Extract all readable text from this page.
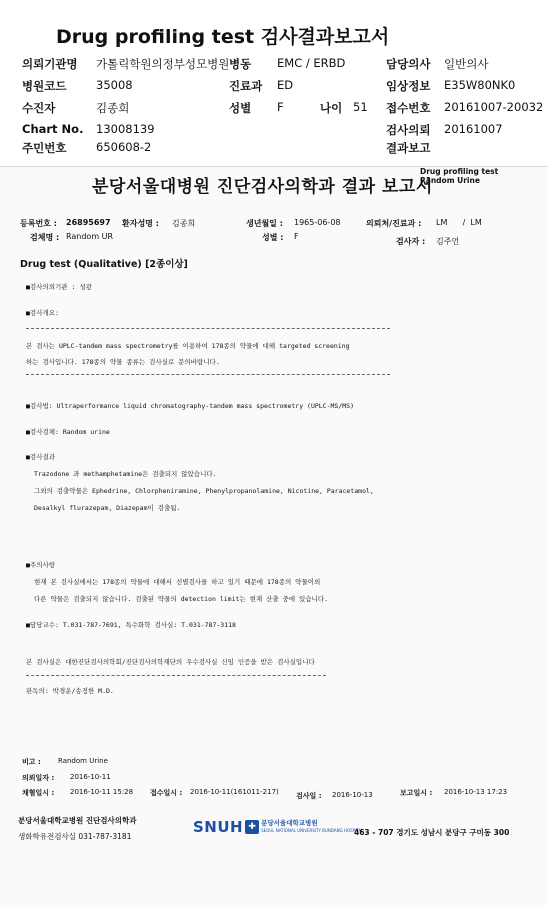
Drug profiling test 검사결과보고서
의뢰기관명 가톨릭학원의정부성모병원 병동 EMC / ERBD	담당의사 일반의사
병원코드	35008	진료과 ED	임상정보 E35W80NK0
수진자	김종희	성별 F	나이 51 접수번호 20161007-20032
Chart No. 13008139	검사의뢰 20161007
주민번호	650608-2	결과보고
분당서울대병원 진단검사의학과 결과 보고서
Drug profiling test
Random Urine
등록번호 : 26895697 환자성명 : 김종희	생년월일 : 1965-06-08	의뢰처/진료과 : LM      /  LM
검체명 : Random UR	성별 : F
검사자 : 김주언
Drug test (Qualitative) [2종이상]
■검사의뢰기관 : 성광
■검사개요:
본 검사는 UPLC-tandem mass spectrometry를 이용하여 178종의 약물에 대해 targeted screening
하는 검사입니다. 178종의 약물 종류는 검사실로 문의바랍니다.
■검사법: Ultraperformance liquid chromatography-tandem mass spectrometry (UPLC-MS/MS)
■검사검체: Random urine
■검사결과
Trazodone 과 methamphetamine은 검출되지 않았습니다.
그외의 검출약물은 Ephedrine, Chlorpheniramine, Phenylpropanolamine, Nicotine, Paracetamol,
Desalkyl flurazepam, Diazepam이 검출됨.
■주의사항
현재 본 검사실에서는 178종의 약물에 대해서 선별검사를 하고 있기 때문에 178종의 약물이외
다른 약물은 검출되지 않습니다. 검출된 약물의 detection limit는 현재 산출 중에 있습니다.
■담당교수: T.031-787-7691, 특수화학 검사실: T.031-787-3118
본 검사실은 대한진단검사의학회/진단검사의학재단의 우수검사실 신임 인증을 받은 검사실입니다
판독의: 박경운/송정한 M.D.
비고 : Random Urine
의뢰일자 : 2016-10-11
채혈일시 : 2016-10-11 15:28 접수일시 : 2016-10-11(161011-217) 검사일 : 2016-10-13	보고일시 : 2016-10-13 17:23
분당서울대학교병원 진단검사의학과
생화학유전검사실 031-787-3181
SNUH ✚ 분당서울대학교병원
SEOUL NATIONAL UNIVERSITY BUNDANG HOSPITAL
463 - 707 경기도 성남시 분당구 구미동 300
